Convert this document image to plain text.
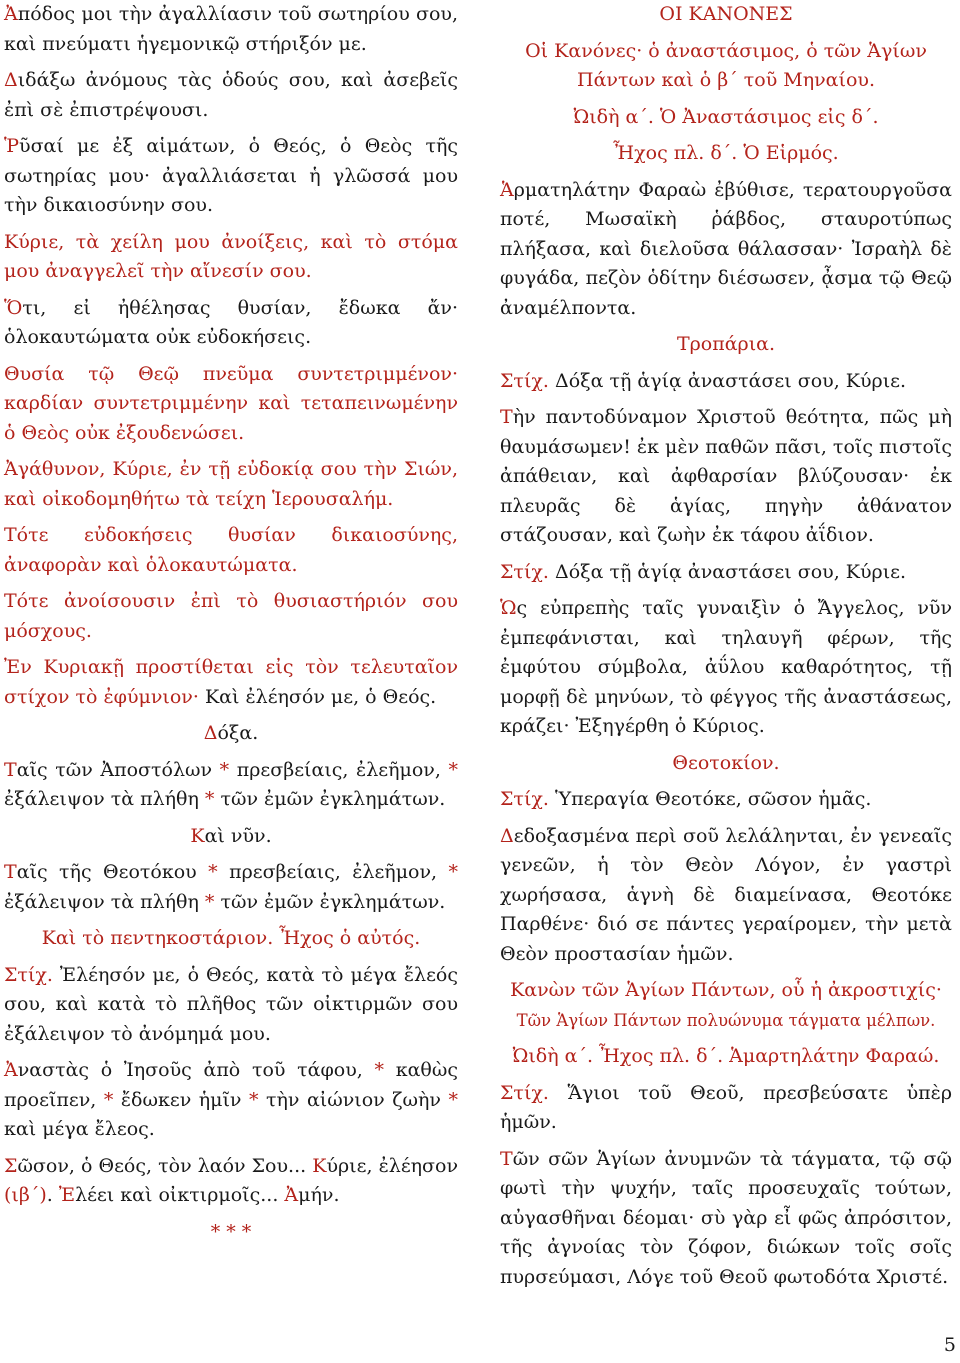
Ἀπόδος μοι τὴν ἀγαλλίασιν τοῦ σωτηρίου σου, καὶ πνεύματι ἡγεμονικῷ στήριξόν με.

Διδάξω ἀνόμους τὰς ὁδούς σου, καὶ ἀσεβεῖς ἐπὶ σὲ ἐπιστρέψουσι.

Ῥῦσαί με ἐξ αἱμάτων, ὁ Θεός, ὁ Θεὸς τῆς σωτηρίας μου· ἀγαλλιάσεται ἡ γλῶσσά μου τὴν δικαιοσύνην σου.

Κύριε, τὰ χείλη μου ἀνοίξεις, καὶ τὸ στόμα μου ἀναγγελεῖ τὴν αἴνεσίν σου.

Ὅτι, εἰ ἠθέλησας θυσίαν, ἔδωκα ἄν· ὁλοκαυτώματα οὐκ εὐδοκήσεις.

Θυσία τῷ Θεῷ πνεῦμα συντετριμμένον· καρδίαν συντετριμμένην καὶ τεταπεινωμένην ὁ Θεὸς οὐκ ἐξουδενώσει.

Ἀγάθυνον, Κύριε, ἐν τῇ εὐδοκίᾳ σου τὴν Σιών, καὶ οἰκοδομηθήτω τὰ τείχη Ἱερουσαλήμ.

Τότε εὐδοκήσεις θυσίαν δικαιοσύνης, ἀναφορὰν καὶ ὁλοκαυτώματα.

Τότε ἀνοίσουσιν ἐπὶ τὸ θυσιαστήριόν σου μόσχους.

Ἐν Κυριακῇ προστίθεται εἰς τὸν τελευταῖον στίχον τὸ ἐφύμνιον· Καὶ ἐλέησόν με, ὁ Θεός.

Δόξα.

Ταῖς τῶν Ἀποστόλων * πρεσβείαις, ἐλεῆμον, * ἐξάλειψον τὰ πλήθη * τῶν ἐμῶν ἐγκλημάτων.

Καὶ νῦν.

Ταῖς τῆς Θεοτόκου * πρεσβείαις, ἐλεῆμον, * ἐξάλειψον τὰ πλήθη * τῶν ἐμῶν ἐγκλημάτων.

Καὶ τὸ πεντηκοστάριον. Ἦχος ὁ αὐτός.

Στίχ. Ἐλέησόν με, ὁ Θεός, κατὰ τὸ μέγα ἔλεός σου, καὶ κατὰ τὸ πλῆθος τῶν οἰκτιρμῶν σου ἐξάλειψον τὸ ἀνόμημά μου.

Ἀναστὰς ὁ Ἰησοῦς ἀπὸ τοῦ τάφου, * καθὼς προεῖπεν, * ἔδωκεν ἡμῖν * τὴν αἰώνιον ζωὴν * καὶ μέγα ἔλεος.

Σῶσον, ὁ Θεός, τὸν λαόν Σου... Κύριε, ἐλέησον (ιβ΄). Ἐλέει καὶ οἰκτιρμοῖς... Ἀμήν.

* * *

ΟΙ ΚΑΝΟΝΕΣ

Οἱ Κανόνες· ὁ ἀναστάσιμος, ὁ τῶν Ἁγίων Πάντων καὶ ὁ β΄ τοῦ Μηναίου.

Ὠιδὴ α΄. Ὁ Ἀναστάσιμος εἰς δ΄.

Ἦχος πλ. δ΄. Ὁ Εἱρμός.

Ἁρματηλάτην Φαραὼ ἐβύθισε, τερατουργοῦσα ποτέ, Μωσαϊκὴ ῥάβδος, σταυροτύπως πλήξασα, καὶ διελοῦσα θάλασσαν· Ἰσραὴλ δὲ φυγάδα, πεζὸν ὁδίτην διέσωσεν, ᾆσμα τῷ Θεῷ ἀναμέλποντα.

Τροπάρια.

Στίχ. Δόξα τῇ ἁγίᾳ ἀναστάσει σου, Κύριε.

Τὴν παντοδύναμον Χριστοῦ θεότητα, πῶς μὴ θαυμάσωμεν! ἐκ μὲν παθῶν πᾶσι, τοῖς πιστοῖς ἀπάθειαν, καὶ ἀφθαρσίαν βλύζουσαν· ἐκ πλευρᾶς δὲ ἁγίας, πηγὴν ἀθάνατον στάζουσαν, καὶ ζωὴν ἐκ τάφου ἀΐδιον.

Στίχ. Δόξα τῇ ἁγίᾳ ἀναστάσει σου, Κύριε.

Ὡς εὐπρεπὴς ταῖς γυναιξὶν ὁ Ἄγγελος, νῦν ἐμπεφάνισται, καὶ τηλαυγῆ φέρων, τῆς ἐμφύτου σύμβολα, ἀΰλου καθαρότητος, τῇ μορφῇ δὲ μηνύων, τὸ φέγγος τῆς ἀναστάσεως, κράζει· Ἐξηγέρθη ὁ Κύριος.

Θεοτοκίον.

Στίχ. Ὑπεραγία Θεοτόκε, σῶσον ἡμᾶς.

Δεδοξασμένα περὶ σοῦ λελάληνται, ἐν γενεαῖς γενεῶν, ἡ τὸν Θεὸν Λόγον, ἐν γαστρὶ χωρήσασα, ἁγνὴ δὲ διαμείνασα, Θεοτόκε Παρθένε· διό σε πάντες γεραίρομεν, τὴν μετὰ Θεὸν προστασίαν ἡμῶν.

Κανὼν τῶν Ἁγίων Πάντων, οὗ ἡ ἀκροστιχίς·

Τῶν Ἁγίων Πάντων πολυώνυμα τάγματα μέλπων.

Ὠιδὴ α΄. Ἦχος πλ. δ΄. Ἁμαρτηλάτην Φαραώ.

Στίχ. Ἅγιοι τοῦ Θεοῦ, πρεσβεύσατε ὑπὲρ ἡμῶν.

Τῶν σῶν Ἁγίων ἀνυμνῶν τὰ τάγματα, τῷ σῷ φωτὶ τὴν ψυχήν, ταῖς προσευχαῖς τούτων, αὐγασθῆναι δέομαι· σὺ γὰρ εἶ φῶς ἀπρόσιτον, τῆς ἀγνοίας τὸν ζόφον, διώκων τοῖς σοῖς πυρσεύμασι, Λόγε τοῦ Θεοῦ φωτοδότα Χριστέ.

5
